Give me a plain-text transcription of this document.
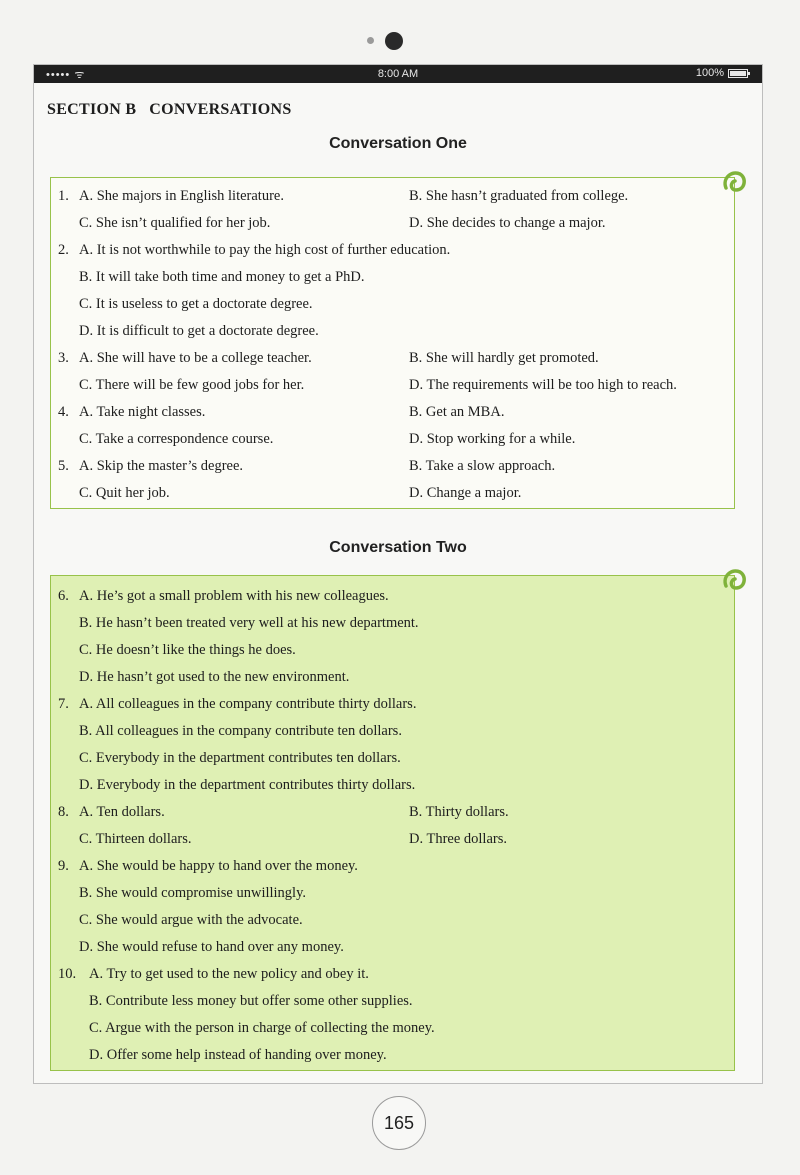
••••• ᯤ	8:00 AM	100%
SECTION B   CONVERSATIONS
Conversation One
1. A. She majors in English literature.	B. She hasn’t graduated from college.
C. She isn’t qualified for her job.	D. She decides to change a major.
2. A. It is not worthwhile to pay the high cost of further education.
B. It will take both time and money to get a PhD.
C. It is useless to get a doctorate degree.
D. It is difficult to get a doctorate degree.
3. A. She will have to be a college teacher.	B. She will hardly get promoted.
C. There will be few good jobs for her.	D. The requirements will be too high to reach.
4. A. Take night classes.	B. Get an MBA.
C. Take a correspondence course.	D. Stop working for a while.
5. A. Skip the master’s degree.	B. Take a slow approach.
C. Quit her job.	D. Change a major.
Conversation Two
6. A. He’s got a small problem with his new colleagues.
B. He hasn’t been treated very well at his new department.
C. He doesn’t like the things he does.
D. He hasn’t got used to the new environment.
7. A. All colleagues in the company contribute thirty dollars.
B. All colleagues in the company contribute ten dollars.
C. Everybody in the department contributes ten dollars.
D. Everybody in the department contributes thirty dollars.
8. A. Ten dollars.	B. Thirty dollars.
C. Thirteen dollars.	D. Three dollars.
9. A. She would be happy to hand over the money.
B. She would compromise unwillingly.
C. She would argue with the advocate.
D. She would refuse to hand over any money.
10. A. Try to get used to the new policy and obey it.
B. Contribute less money but offer some other supplies.
C. Argue with the person in charge of collecting the money.
D. Offer some help instead of handing over money.
165
